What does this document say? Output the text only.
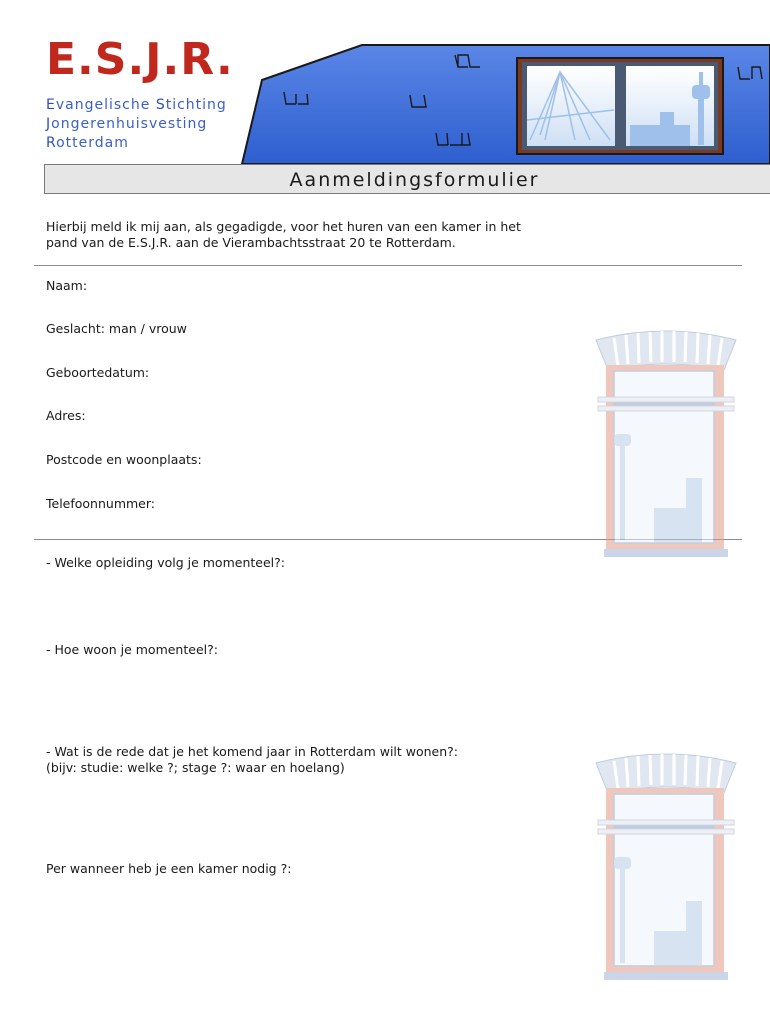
E.S.J.R.
Evangelische Stichting
Jongerenhuisvesting
Rotterdam
Aanmeldingsformulier
Hierbij meld ik mij aan, als gegadigde, voor het huren van een kamer in het
pand van de E.S.J.R. aan de Vierambachtsstraat 20 te Rotterdam.
Naam:
Geslacht: man / vrouw
Geboortedatum:
Adres:
Postcode en woonplaats:
Telefoonnummer:
- Welke opleiding volg je momenteel?:
- Hoe woon je momenteel?:
- Wat is de rede dat je het komend jaar in Rotterdam wilt wonen?:
(bijv: studie: welke ?; stage ?: waar en hoelang)
Per wanneer heb je een kamer nodig ?:
